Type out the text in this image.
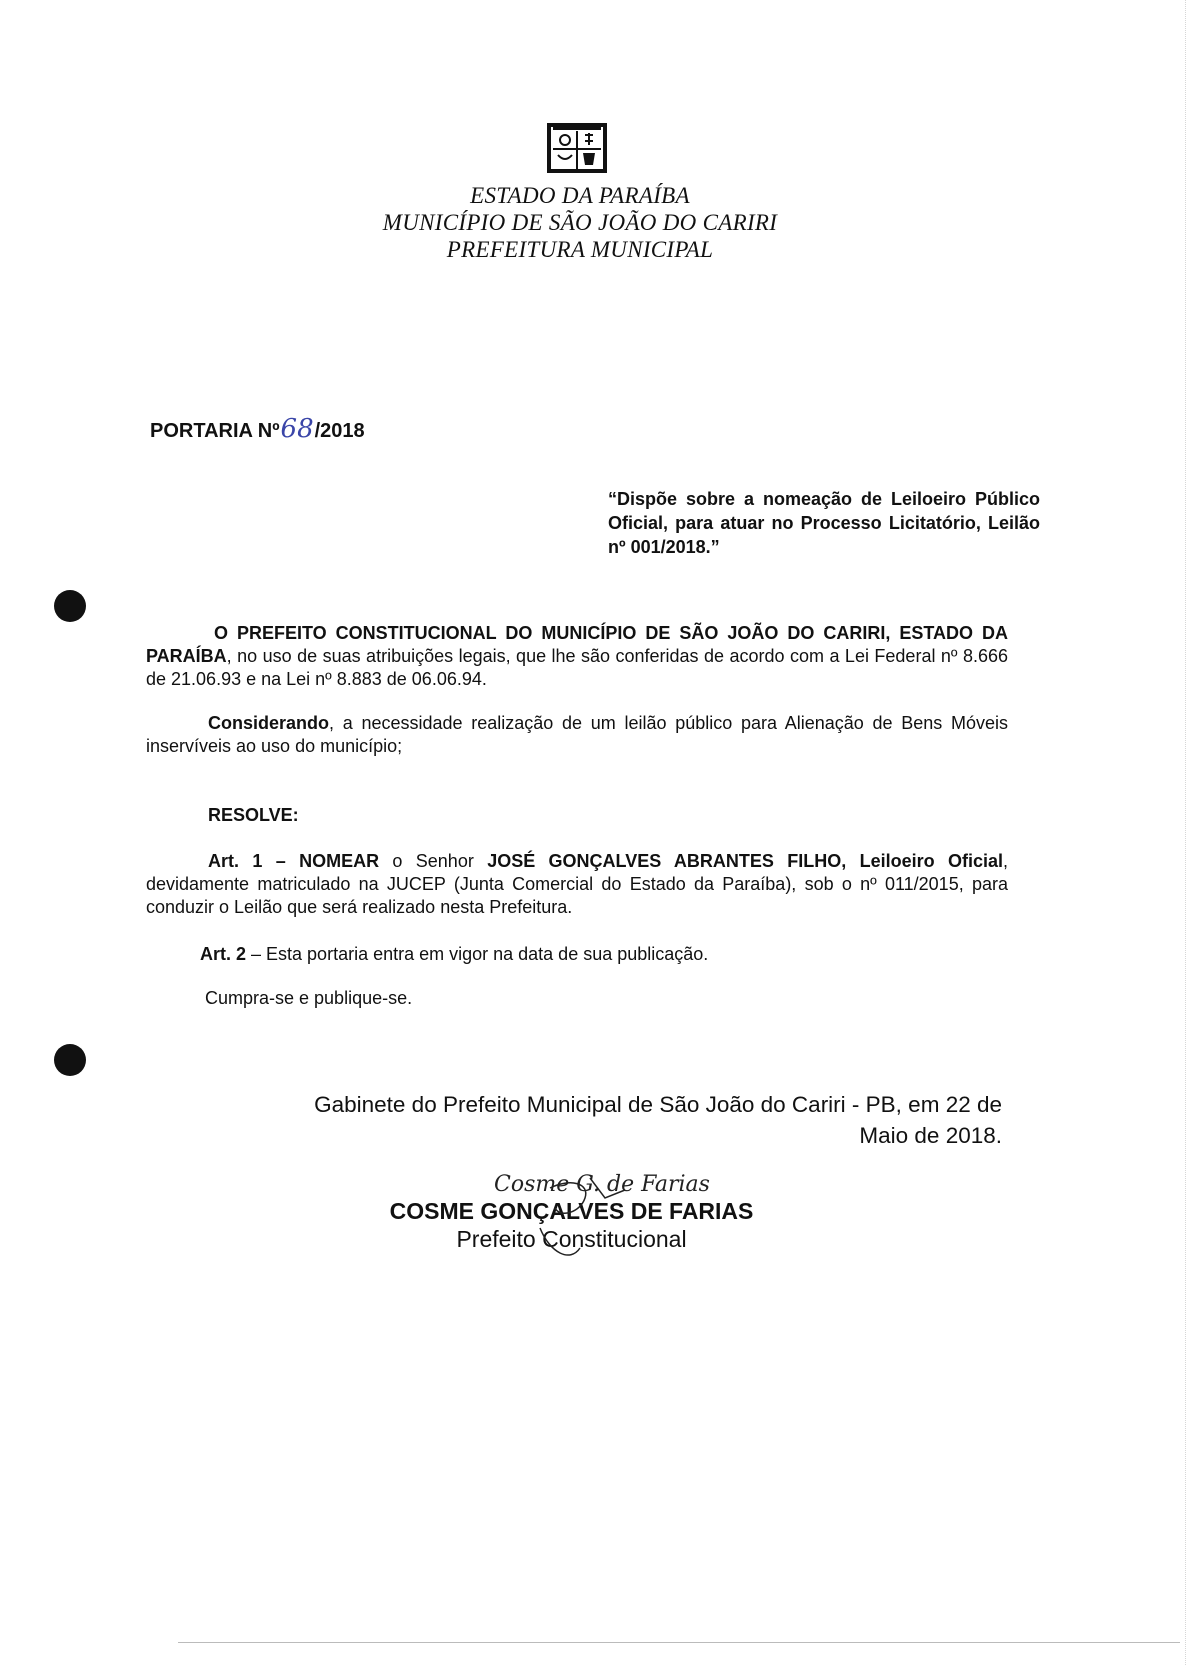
ESTADO DA PARAÍBA
MUNICÍPIO DE SÃO JOÃO DO CARIRI
PREFEITURA MUNICIPAL
PORTARIA Nº68/2018
“Dispõe sobre a nomeação de Leiloeiro Público Oficial, para atuar no Processo Licitatório, Leilão nº 001/2018.”
O PREFEITO CONSTITUCIONAL DO MUNICÍPIO DE SÃO JOÃO DO CARIRI, ESTADO DA PARAÍBA, no uso de suas atribuições legais, que lhe são conferidas de acordo com a Lei Federal nº 8.666 de 21.06.93 e na Lei nº 8.883 de 06.06.94.
Considerando, a necessidade realização de um leilão público para Alienação de Bens Móveis inservíveis ao uso do município;
RESOLVE:
Art. 1 – NOMEAR o Senhor JOSÉ GONÇALVES ABRANTES FILHO, Leiloeiro Oficial, devidamente matriculado na JUCEP (Junta Comercial do Estado da Paraíba), sob o nº 011/2015, para conduzir o Leilão que será realizado nesta Prefeitura.
Art. 2 – Esta portaria entra em vigor na data de sua publicação.
Cumpra-se e publique-se.
Gabinete do Prefeito Municipal de São João do Cariri - PB, em 22 de
Maio de 2018.
Cosme G. de Farias
COSME GONÇALVES DE FARIAS
Prefeito Constitucional
